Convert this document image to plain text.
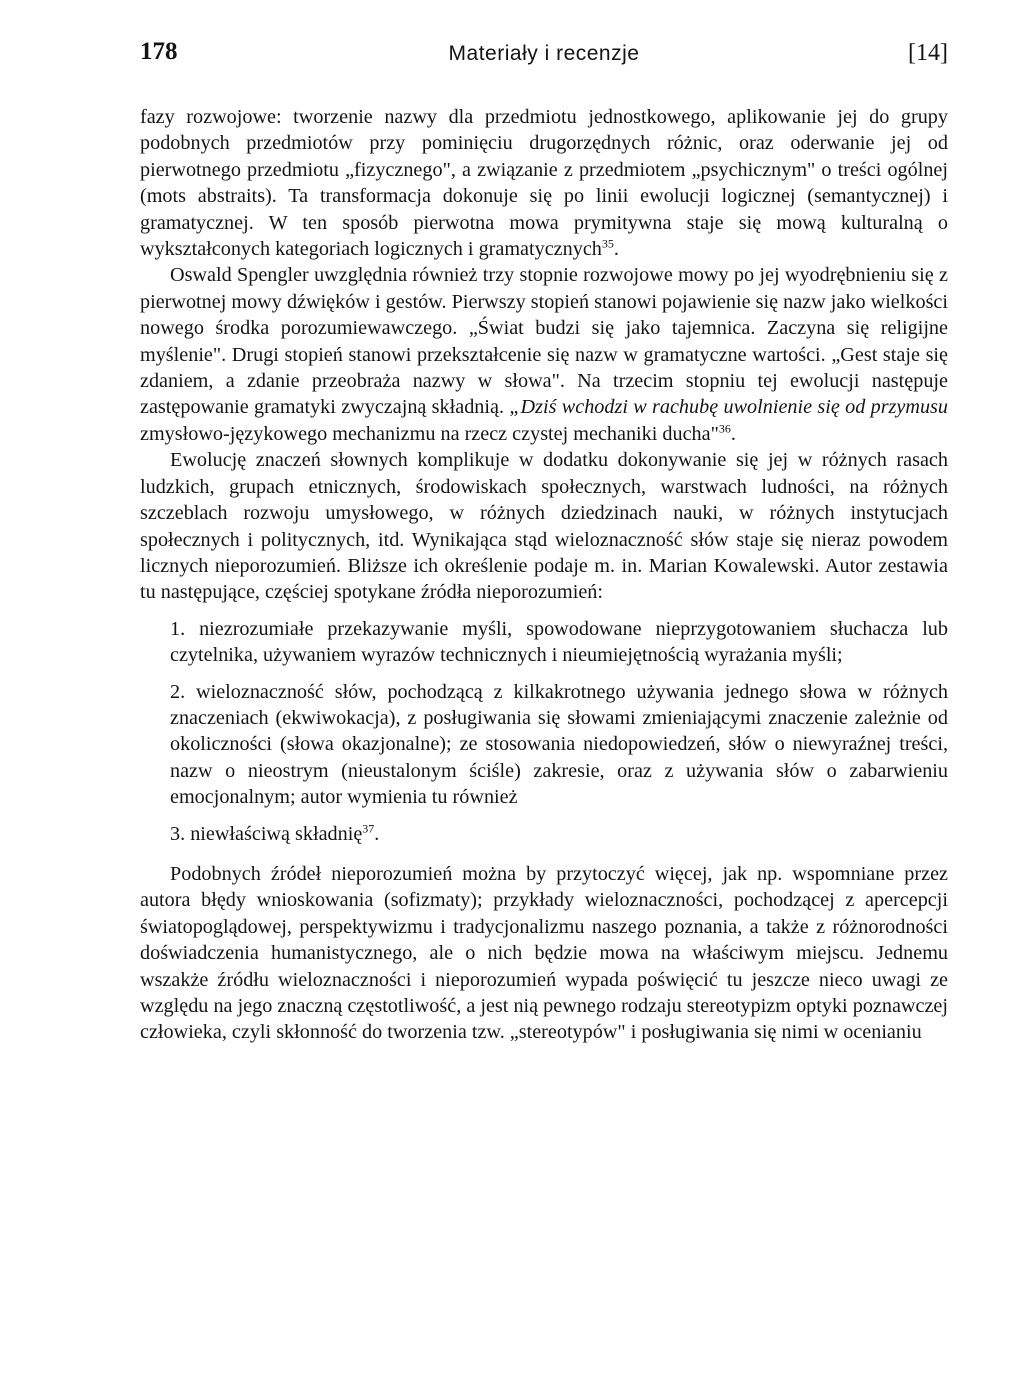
178	Materiały i recenzje	[14]

fazy rozwojowe: tworzenie nazwy dla przedmiotu jednostkowego, aplikowanie jej do grupy podobnych przedmiotów przy pominięciu drugorzędnych różnic, oraz oderwanie jej od pierwotnego przedmiotu „fizycznego", a związanie z przedmiotem „psychicznym" o treści ogólnej (mots abstraits). Ta transformacja dokonuje się po linii ewolucji logicznej (semantycznej) i gramatycznej. W ten sposób pierwotna mowa prymitywna staje się mową kulturalną o wykształconych kategoriach logicznych i gramatycznych$^{35}$.

Oswald Spengler uwzględnia również trzy stopnie rozwojowe mowy po jej wyodrębnieniu się z pierwotnej mowy dźwięków i gestów. Pierwszy stopień stanowi pojawienie się nazw jako wielkości nowego środka porozumiewawczego. „Świat budzi się jako tajemnica. Zaczyna się religijne myślenie". Drugi stopień stanowi przekształcenie się nazw w gramatyczne wartości. „Gest staje się zdaniem, a zdanie przeobraża nazwy w słowa". Na trzecim stopniu tej ewolucji następuje zastępowanie gramatyki zwyczajną składnią. „Dziś wchodzi w rachubę uwolnienie się od przymusu zmysłowo-językowego mechanizmu na rzecz czystej mechaniki ducha"$^{36}$.

Ewolucję znaczeń słownych komplikuje w dodatku dokonywanie się jej w różnych rasach ludzkich, grupach etnicznych, środowiskach społecznych, warstwach ludności, na różnych szczeblach rozwoju umysłowego, w różnych dziedzinach nauki, w różnych instytucjach społecznych i politycznych, itd. Wynikająca stąd wieloznaczność słów staje się nieraz powodem licznych nieporozumień. Bliższe ich określenie podaje m. in. Marian Kowalewski. Autor zestawia tu następujące, częściej spotykane źródła nieporozumień:

1. niezrozumiałe przekazywanie myśli, spowodowane nieprzygotowaniem słuchacza lub czytelnika, używaniem wyrazów technicznych i nieumiejętnością wyrażania myśli;

2. wieloznaczność słów, pochodzącą z kilkakrotnego używania jednego słowa w różnych znaczeniach (ekwiwokacja), z posługiwania się słowami zmieniającymi znaczenie zależnie od okoliczności (słowa okazjonalne); ze stosowania niedopowiedzeń, słów o niewyraźnej treści, nazw o nieostrym (nieustalonym ściśle) zakresie, oraz z używania słów o zabarwieniu emocjonalnym; autor wymienia tu również

3. niewłaściwą składnię$^{37}$.

Podobnych źródeł nieporozumień można by przytoczyć więcej, jak np. wspomniane przez autora błędy wnioskowania (sofizmaty); przykłady wieloznaczności, pochodzącej z apercepcji światopoglądowej, perspektywizmu i tradycjonalizmu naszego poznania, a także z różnorodności doświadczenia humanistycznego, ale o nich będzie mowa na właściwym miejscu. Jednemu wszakże źródłu wieloznaczności i nieporozumień wypada poświęcić tu jeszcze nieco uwagi ze względu na jego znaczną częstotliwość, a jest nią pewnego rodzaju stereotypizm optyki poznawczej człowieka, czyli skłonność do tworzenia tzw. „stereotypów" i posługiwania się nimi w ocenianiu
